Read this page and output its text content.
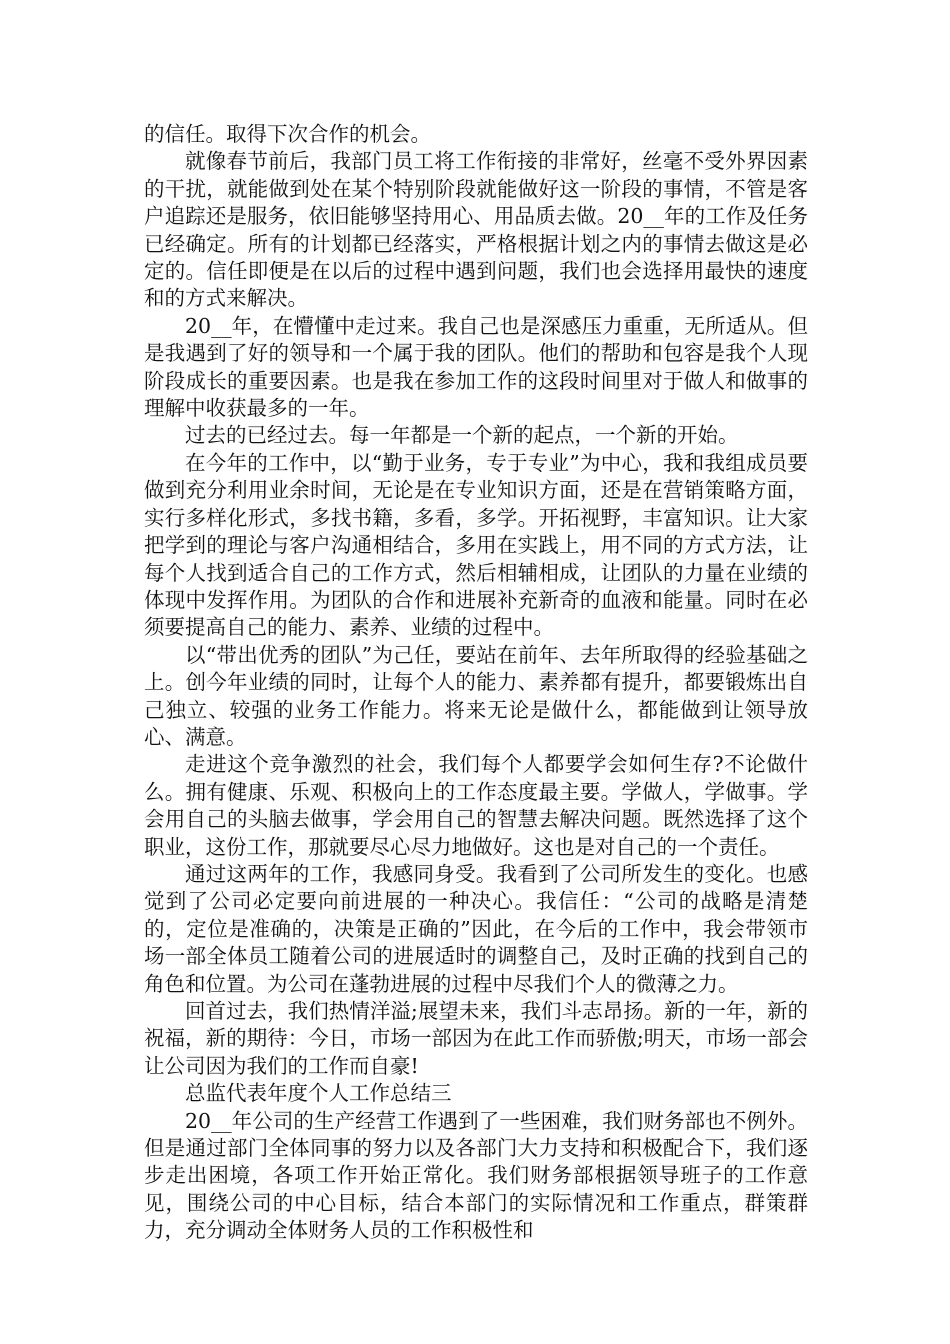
的信任。取得下次合作的机会。

就像春节前后，我部门员工将工作衔接的非常好，丝毫不受外界因素的干扰，就能做到处在某个特别阶段就能做好这一阶段的事情，不管是客户追踪还是服务，依旧能够坚持用心、用品质去做。20__年的工作及任务已经确定。所有的计划都已经落实，严格根据计划之内的事情去做这是必定的。信任即便是在以后的过程中遇到问题，我们也会选择用最快的速度和的方式来解决。

20__年，在懵懂中走过来。我自己也是深感压力重重，无所适从。但是我遇到了好的领导和一个属于我的团队。他们的帮助和包容是我个人现阶段成长的重要因素。也是我在参加工作的这段时间里对于做人和做事的理解中收获最多的一年。

过去的已经过去。每一年都是一个新的起点，一个新的开始。

在今年的工作中，以“勤于业务，专于专业”为中心，我和我组成员要做到充分利用业余时间，无论是在专业知识方面，还是在营销策略方面，实行多样化形式，多找书籍，多看，多学。开拓视野，丰富知识。让大家把学到的理论与客户沟通相结合，多用在实践上，用不同的方式方法，让每个人找到适合自己的工作方式，然后相辅相成，让团队的力量在业绩的体现中发挥作用。为团队的合作和进展补充新奇的血液和能量。同时在必须要提高自己的能力、素养、业绩的过程中。

以“带出优秀的团队”为己任，要站在前年、去年所取得的经验基础之上。创今年业绩的同时，让每个人的能力、素养都有提升，都要锻炼出自己独立、较强的业务工作能力。将来无论是做什么，都能做到让领导放心、满意。

走进这个竞争激烈的社会，我们每个人都要学会如何生存?不论做什么。拥有健康、乐观、积极向上的工作态度最主要。学做人，学做事。学会用自己的头脑去做事，学会用自己的智慧去解决问题。既然选择了这个职业，这份工作，那就要尽心尽力地做好。这也是对自己的一个责任。

通过这两年的工作，我感同身受。我看到了公司所发生的变化。也感觉到了公司必定要向前进展的一种决心。我信任：“公司的战略是清楚的，定位是准确的，决策是正确的”因此，在今后的工作中，我会带领市场一部全体员工随着公司的进展适时的调整自己，及时正确的找到自己的角色和位置。为公司在蓬勃进展的过程中尽我们个人的微薄之力。

回首过去，我们热情洋溢;展望未来，我们斗志昂扬。新的一年，新的祝福，新的期待：今日，市场一部因为在此工作而骄傲;明天，市场一部会让公司因为我们的工作而自豪!

总监代表年度个人工作总结三

20__年公司的生产经营工作遇到了一些困难，我们财务部也不例外。但是通过部门全体同事的努力以及各部门大力支持和积极配合下，我们逐步走出困境，各项工作开始正常化。我们财务部根据领导班子的工作意见，围绕公司的中心目标，结合本部门的实际情况和工作重点，群策群力，充分调动全体财务人员的工作积极性和
